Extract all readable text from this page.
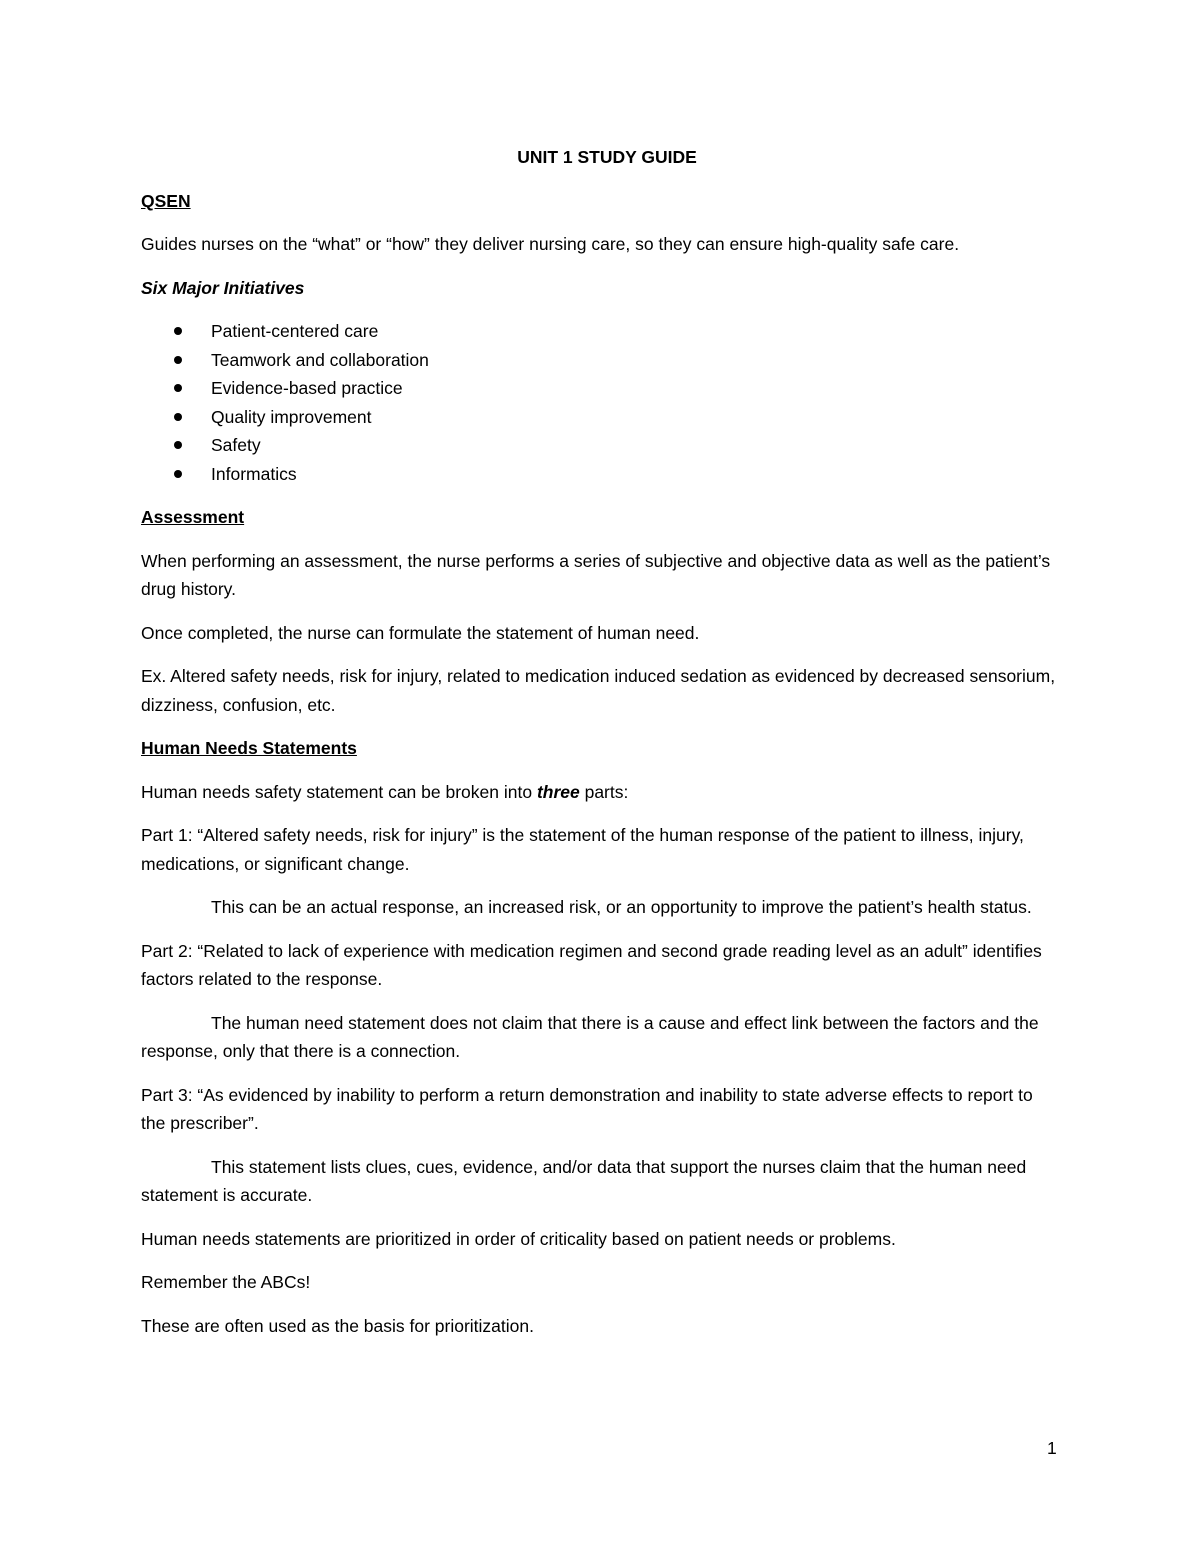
UNIT 1 STUDY GUIDE
QSEN

Guides nurses on the “what” or “how” they deliver nursing care, so they can ensure high-quality safe care.

Six Major Initiatives
Patient-centered care
Teamwork and collaboration
Evidence-based practice
Quality improvement
Safety
Informatics
Assessment

When performing an assessment, the nurse performs a series of subjective and objective data as well as the patient’s drug history.

Once completed, the nurse can formulate the statement of human need.

Ex. Altered safety needs, risk for injury, related to medication induced sedation as evidenced by decreased sensorium, dizziness, confusion, etc.

Human Needs Statements

Human needs safety statement can be broken into three parts:

Part 1: “Altered safety needs, risk for injury” is the statement of the human response of the patient to illness, injury, medications, or significant change.

This can be an actual response, an increased risk, or an opportunity to improve the patient’s health status.

Part 2: “Related to lack of experience with medication regimen and second grade reading level as an adult” identifies factors related to the response.

The human need statement does not claim that there is a cause and effect link between the factors and the response, only that there is a connection.

Part 3: “As evidenced by inability to perform a return demonstration and inability to state adverse effects to report to the prescriber”.

This statement lists clues, cues, evidence, and/or data that support the nurses claim that the human need statement is accurate.

Human needs statements are prioritized in order of criticality based on patient needs or problems.

Remember the ABCs!

These are often used as the basis for prioritization.

1
